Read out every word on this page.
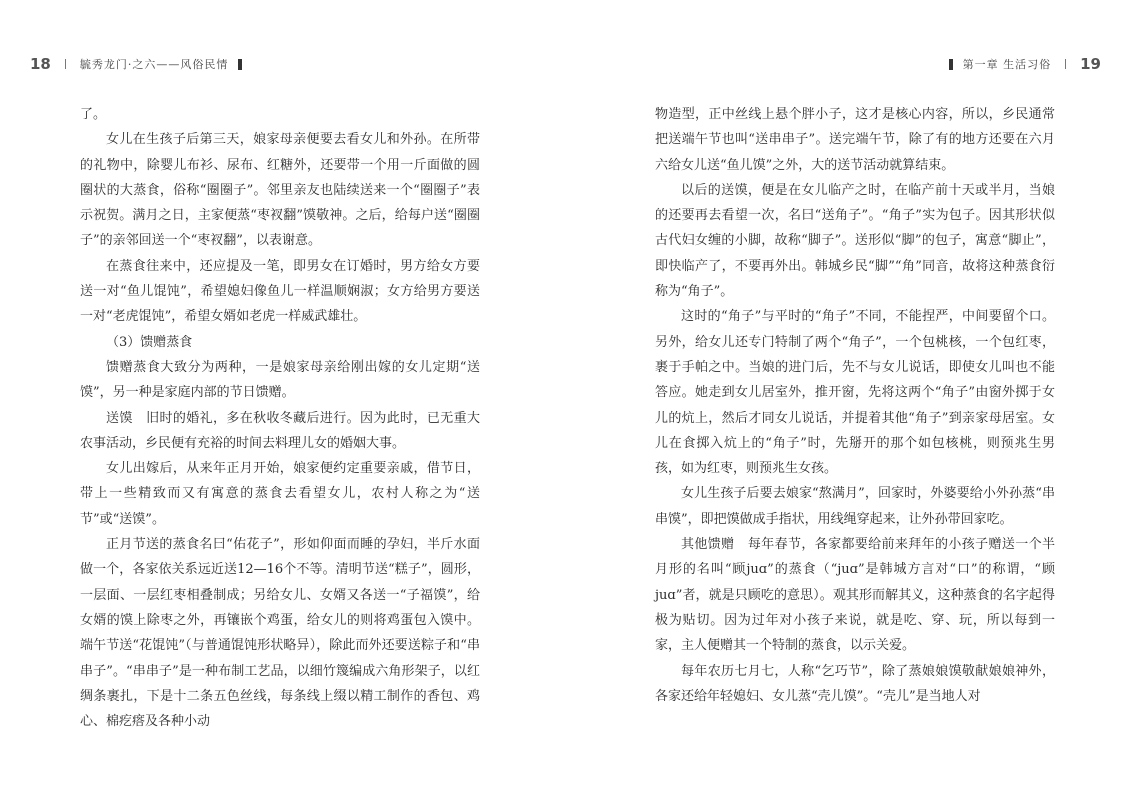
18	毓秀龙门·之六——风俗民情

了。

女儿在生孩子后第三天，娘家母亲便要去看女儿和外孙。在所带的礼物中，除婴儿布衫、尿布、红糖外，还要带一个用一斤面做的圆圈状的大蒸食，俗称“圈圈子”。邻里亲友也陆续送来一个“圈圈子”表示祝贺。满月之日，主家便蒸“枣衩翻”馍敬神。之后，给每户送“圈圈子”的亲邻回送一个“枣衩翻”，以表谢意。

在蒸食往来中，还应提及一笔，即男女在订婚时，男方给女方要送一对“鱼儿馄饨”，希望媳妇像鱼儿一样温顺娴淑；女方给男方要送一对“老虎馄饨”，希望女婿如老虎一样威武雄壮。

（3）馈赠蒸食

馈赠蒸食大致分为两种，一是娘家母亲给刚出嫁的女儿定期“送馍”，另一种是家庭内部的节日馈赠。

送馍　旧时的婚礼，多在秋收冬藏后进行。因为此时，已无重大农事活动，乡民便有充裕的时间去料理儿女的婚姻大事。

女儿出嫁后，从来年正月开始，娘家便约定重要亲戚，借节日，带上一些精致而又有寓意的蒸食去看望女儿，农村人称之为“送节”或“送馍”。

正月节送的蒸食名曰“佑花子”，形如仰面而睡的孕妇，半斤水面做一个，各家依关系远近送12—16个不等。清明节送“糕子”，圆形，一层面、一层红枣相叠制成；另给女儿、女婿又各送一“子福馍”，给女婿的馍上除枣之外，再镶嵌个鸡蛋，给女儿的则将鸡蛋包入馍中。端午节送“花馄饨”（与普通馄饨形状略异），除此而外还要送粽子和“串串子”。“串串子”是一种布制工艺品，以细竹篾编成六角形架子，以红绸条裹扎，下是十二条五色丝线，每条线上缀以精工制作的香包、鸡心、棉疙瘩及各种小动

第一章 生活习俗 19

物造型，正中丝线上悬个胖小子，这才是核心内容，所以，乡民通常把送端午节也叫“送串串子”。送完端午节，除了有的地方还要在六月六给女儿送“鱼儿馍”之外，大的送节活动就算结束。

以后的送馍，便是在女儿临产之时，在临产前十天或半月，当娘的还要再去看望一次，名曰“送角子”。“角子”实为包子。因其形状似古代妇女缠的小脚，故称“脚子”。送形似“脚”的包子，寓意“脚止”，即快临产了，不要再外出。韩城乡民“脚”“角”同音，故将这种蒸食衍称为“角子”。

这时的“角子”与平时的“角子”不同，不能捏严，中间要留个口。另外，给女儿还专门特制了两个“角子”，一个包桃核，一个包红枣，裹于手帕之中。当娘的进门后，先不与女儿说话，即使女儿叫也不能答应。她走到女儿居室外，推开窗，先将这两个“角子”由窗外掷于女儿的炕上，然后才同女儿说话，并提着其他“角子”到亲家母居室。女儿在食掷入炕上的“角子”时，先掰开的那个如包核桃，则预兆生男孩，如为红枣，则预兆生女孩。

女儿生孩子后要去娘家“熬满月”，回家时，外婆要给小外孙蒸“串串馍”，即把馍做成手指状，用线绳穿起来，让外孙带回家吃。

其他馈赠　每年春节，各家都要给前来拜年的小孩子赠送一个半月形的名叫“顾juɑ”的蒸食（“juɑ”是韩城方言对“口”的称谓，“顾juɑ”者，就是只顾吃的意思）。观其形而解其义，这种蒸食的名字起得极为贴切。因为过年对小孩子来说，就是吃、穿、玩，所以每到一家，主人便赠其一个特制的蒸食，以示关爱。

每年农历七月七，人称“乞巧节”，除了蒸娘娘馍敬献娘娘神外，各家还给年轻媳妇、女儿蒸“壳儿馍”。“壳儿”是当地人对
